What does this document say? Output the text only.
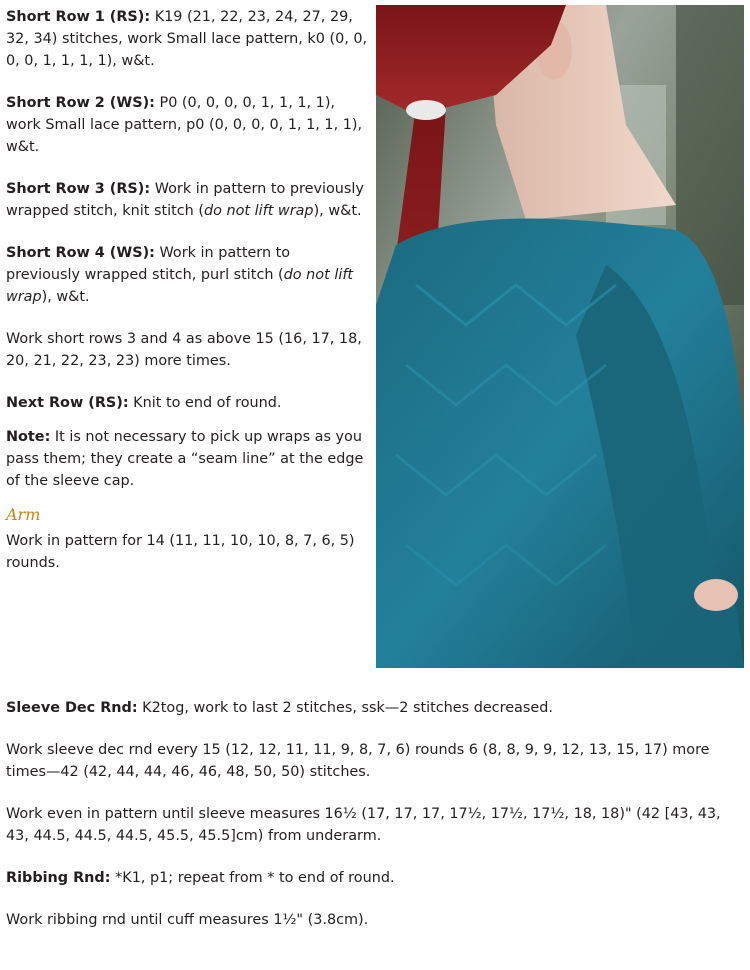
Short Row 1 (RS): K19 (21, 22, 23, 24, 27, 29, 32, 34) stitches, work Small lace pattern, k0 (0, 0, 0, 0, 1, 1, 1, 1), w&t.

Short Row 2 (WS): P0 (0, 0, 0, 0, 1, 1, 1, 1), work Small lace pattern, p0 (0, 0, 0, 0, 1, 1, 1, 1), w&t.

Short Row 3 (RS): Work in pattern to previously wrapped stitch, knit stitch (do not lift wrap), w&t.

Short Row 4 (WS): Work in pattern to previously wrapped stitch, purl stitch (do not lift wrap), w&t.

Work short rows 3 and 4 as above 15 (16, 17, 18, 20, 21, 22, 23, 23) more times.

Next Row (RS): Knit to end of round.

Note: It is not necessary to pick up wraps as you pass them; they create a “seam line” at the edge of the sleeve cap.

Arm

Work in pattern for 14 (11, 11, 10, 10, 8, 7, 6, 5) rounds.

Sleeve Dec Rnd: K2tog, work to last 2 stitches, ssk—2 stitches decreased.

Work sleeve dec rnd every 15 (12, 12, 11, 11, 9, 8, 7, 6) rounds 6 (8, 8, 9, 9, 12, 13, 15, 17) more times—42 (42, 44, 44, 46, 46, 48, 50, 50) stitches.

Work even in pattern until sleeve measures 16½ (17, 17, 17, 17½, 17½, 17½, 18, 18)" (42 [43, 43, 43, 44.5, 44.5, 44.5, 45.5, 45.5]cm) from underarm.

Ribbing Rnd: *K1, p1; repeat from * to end of round.

Work ribbing rnd until cuff measures 1½" (3.8cm).
